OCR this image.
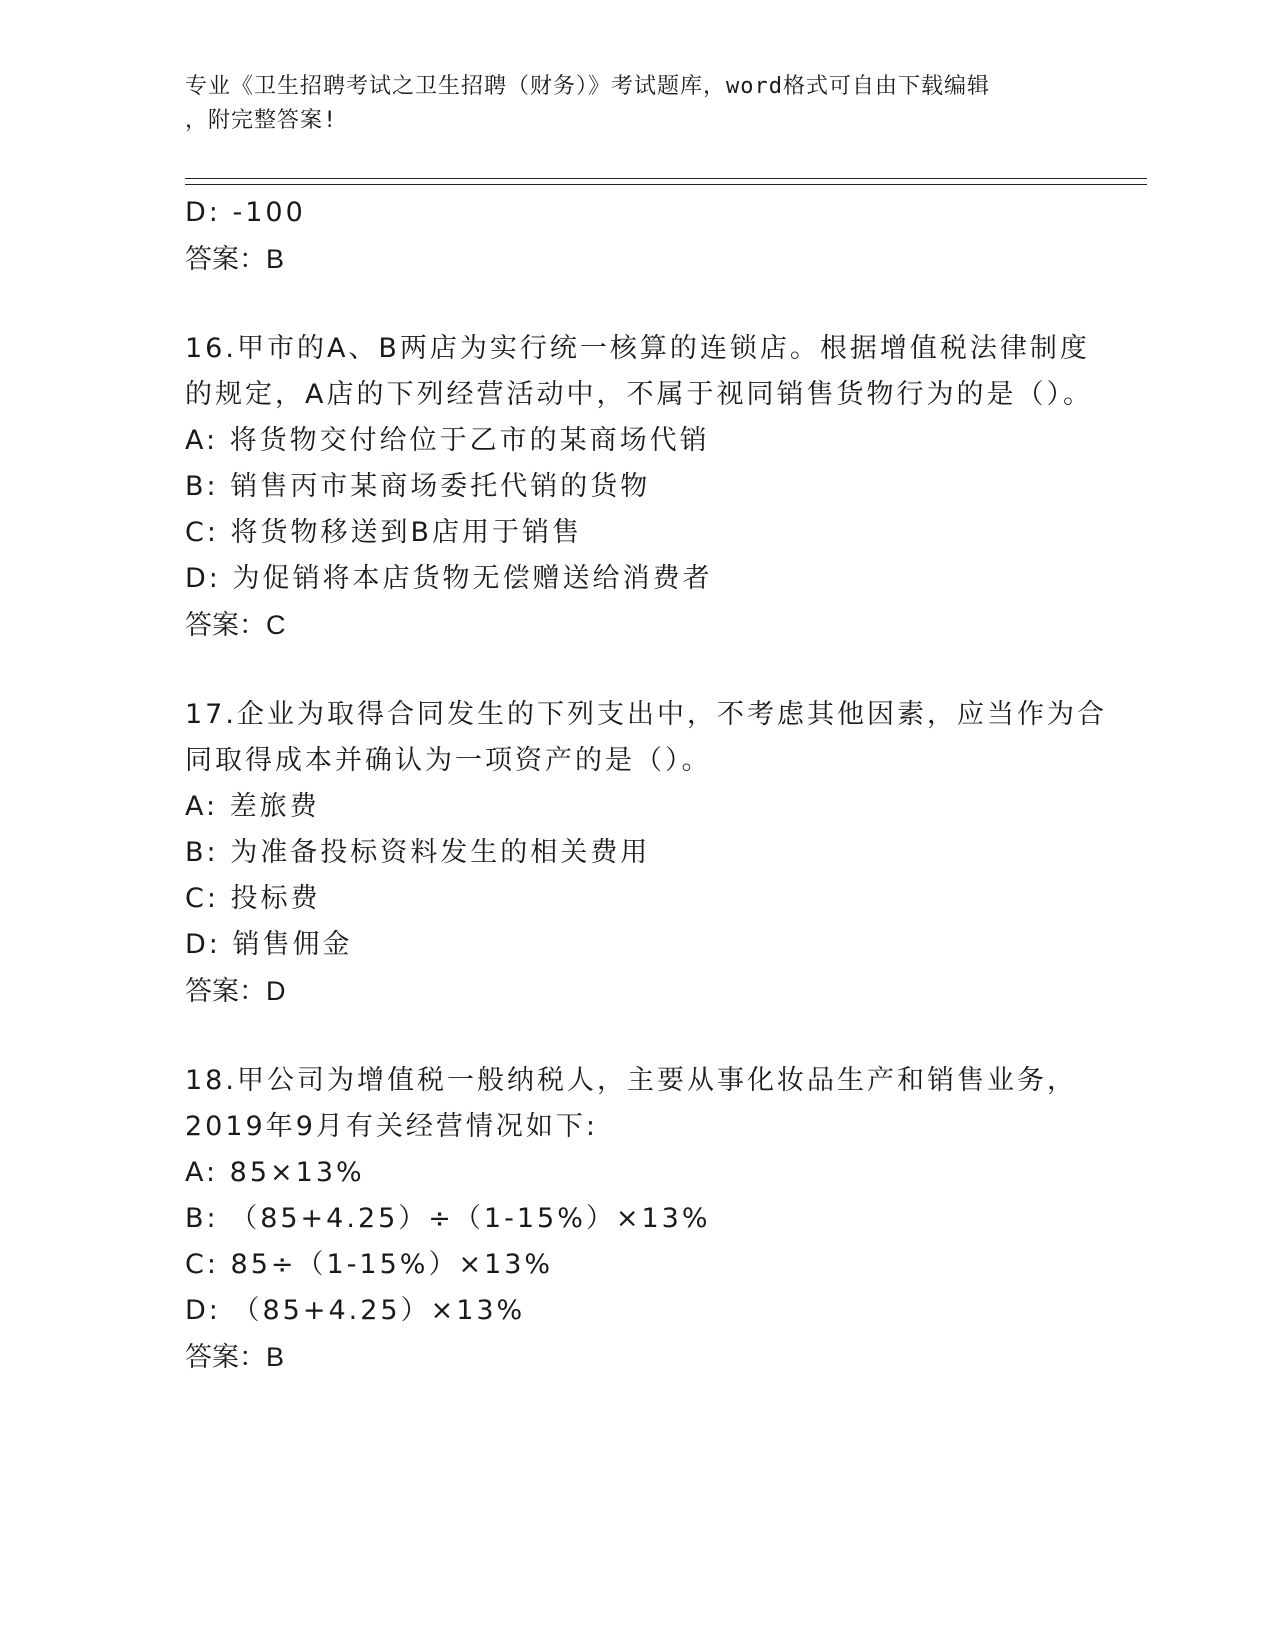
专业《卫生招聘考试之卫生招聘（财务）》考试题库，word格式可自由下载编辑
，附完整答案!
D: -100
答案：B
16.甲市的A、B两店为实行统一核算的连锁店。根据增值税法律制度
的规定，A店的下列经营活动中，不属于视同销售货物行为的是（）。
A: 将货物交付给位于乙市的某商场代销
B: 销售丙市某商场委托代销的货物
C: 将货物移送到B店用于销售
D: 为促销将本店货物无偿赠送给消费者
答案：C
17.企业为取得合同发生的下列支出中，不考虑其他因素，应当作为合
同取得成本并确认为一项资产的是（）。
A: 差旅费
B: 为准备投标资料发生的相关费用
C: 投标费
D: 销售佣金
答案：D
18.甲公司为增值税一般纳税人，主要从事化妆品生产和销售业务，
2019年9月有关经营情况如下:
A: 85×13%
B: （85+4.25）÷（1-15%）×13%
C: 85÷（1-15%）×13%
D: （85+4.25）×13%
答案：B
